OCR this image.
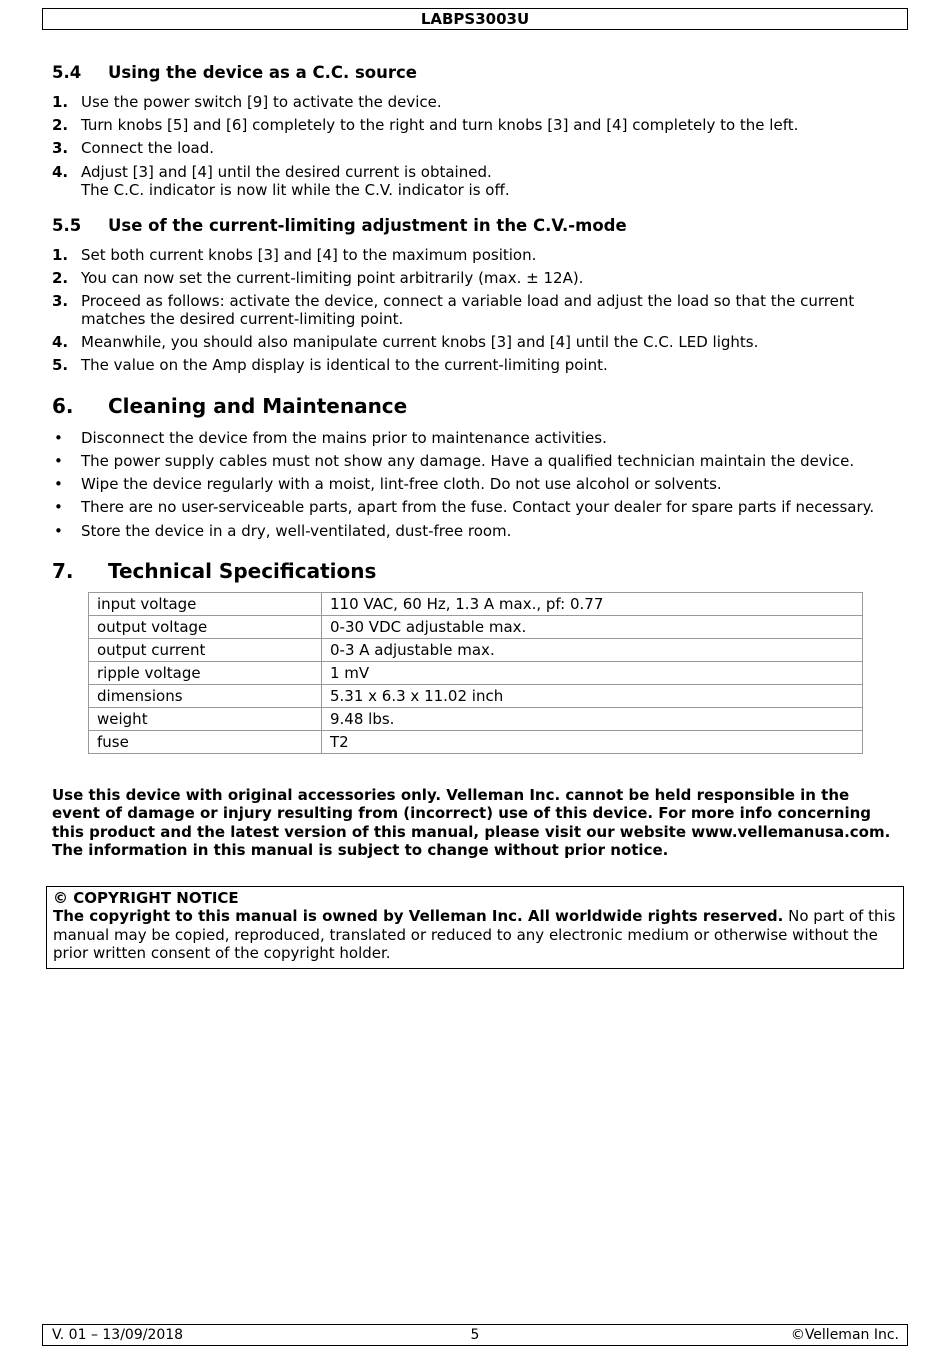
LABPS3003U
5.4 Using the device as a C.C. source
1. Use the power switch [9] to activate the device.
2. Turn knobs [5] and [6] completely to the right and turn knobs [3] and [4] completely to the left.
3. Connect the load.
4. Adjust [3] and [4] until the desired current is obtained.
The C.C. indicator is now lit while the C.V. indicator is off.
5.5 Use of the current-limiting adjustment in the C.V.-mode
1. Set both current knobs [3] and [4] to the maximum position.
2. You can now set the current-limiting point arbitrarily (max. ± 12A).
3. Proceed as follows: activate the device, connect a variable load and adjust the load so that the current matches the desired current-limiting point.
4. Meanwhile, you should also manipulate current knobs [3] and [4] until the C.C. LED lights.
5. The value on the Amp display is identical to the current-limiting point.
6. Cleaning and Maintenance
• Disconnect the device from the mains prior to maintenance activities.
• The power supply cables must not show any damage. Have a qualified technician maintain the device.
• Wipe the device regularly with a moist, lint-free cloth. Do not use alcohol or solvents.
• There are no user-serviceable parts, apart from the fuse. Contact your dealer for spare parts if necessary.
• Store the device in a dry, well-ventilated, dust-free room.
7. Technical Specifications
input voltage	110 VAC, 60 Hz, 1.3 A max., pf: 0.77
output voltage	0-30 VDC adjustable max.
output current	0-3 A adjustable max.
ripple voltage	1 mV
dimensions	5.31 x 6.3 x 11.02 inch
weight	9.48 lbs.
fuse	T2
Use this device with original accessories only. Velleman Inc. cannot be held responsible in the event of damage or injury resulting from (incorrect) use of this device. For more info concerning this product and the latest version of this manual, please visit our website www.vellemanusa.com. The information in this manual is subject to change without prior notice.
© COPYRIGHT NOTICE
The copyright to this manual is owned by Velleman Inc. All worldwide rights reserved. No part of this manual may be copied, reproduced, translated or reduced to any electronic medium or otherwise without the prior written consent of the copyright holder.
V. 01 – 13/09/2018	5	©Velleman Inc.
